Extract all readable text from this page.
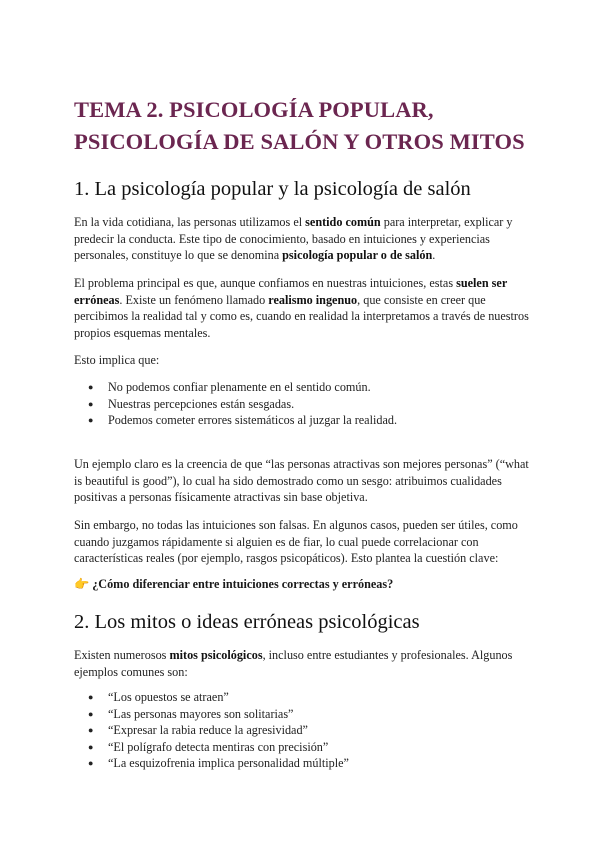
TEMA 2. PSICOLOGÍA POPULAR,
PSICOLOGÍA DE SALÓN Y OTROS MITOS
1. La psicología popular y la psicología de salón

En la vida cotidiana, las personas utilizamos el sentido común para interpretar, explicar y predecir la conducta. Este tipo de conocimiento, basado en intuiciones y experiencias personales, constituye lo que se denomina psicología popular o de salón.

El problema principal es que, aunque confiamos en nuestras intuiciones, estas suelen ser erróneas. Existe un fenómeno llamado realismo ingenuo, que consiste en creer que percibimos la realidad tal y como es, cuando en realidad la interpretamos a través de nuestros propios esquemas mentales.

Esto implica que:

● No podemos confiar plenamente en el sentido común.
● Nuestras percepciones están sesgadas.
● Podemos cometer errores sistemáticos al juzgar la realidad.

Un ejemplo claro es la creencia de que “las personas atractivas son mejores personas” (“what is beautiful is good”), lo cual ha sido demostrado como un sesgo: atribuimos cualidades positivas a personas físicamente atractivas sin base objetiva.

Sin embargo, no todas las intuiciones son falsas. En algunos casos, pueden ser útiles, como cuando juzgamos rápidamente si alguien es de fiar, lo cual puede correlacionar con características reales (por ejemplo, rasgos psicopáticos). Esto plantea la cuestión clave:

👉 ¿Cómo diferenciar entre intuiciones correctas y erróneas?
2. Los mitos o ideas erróneas psicológicas

Existen numerosos mitos psicológicos, incluso entre estudiantes y profesionales. Algunos ejemplos comunes son:

● “Los opuestos se atraen”
● “Las personas mayores son solitarias”
● “Expresar la rabia reduce la agresividad”
● “El polígrafo detecta mentiras con precisión”
● “La esquizofrenia implica personalidad múltiple”
